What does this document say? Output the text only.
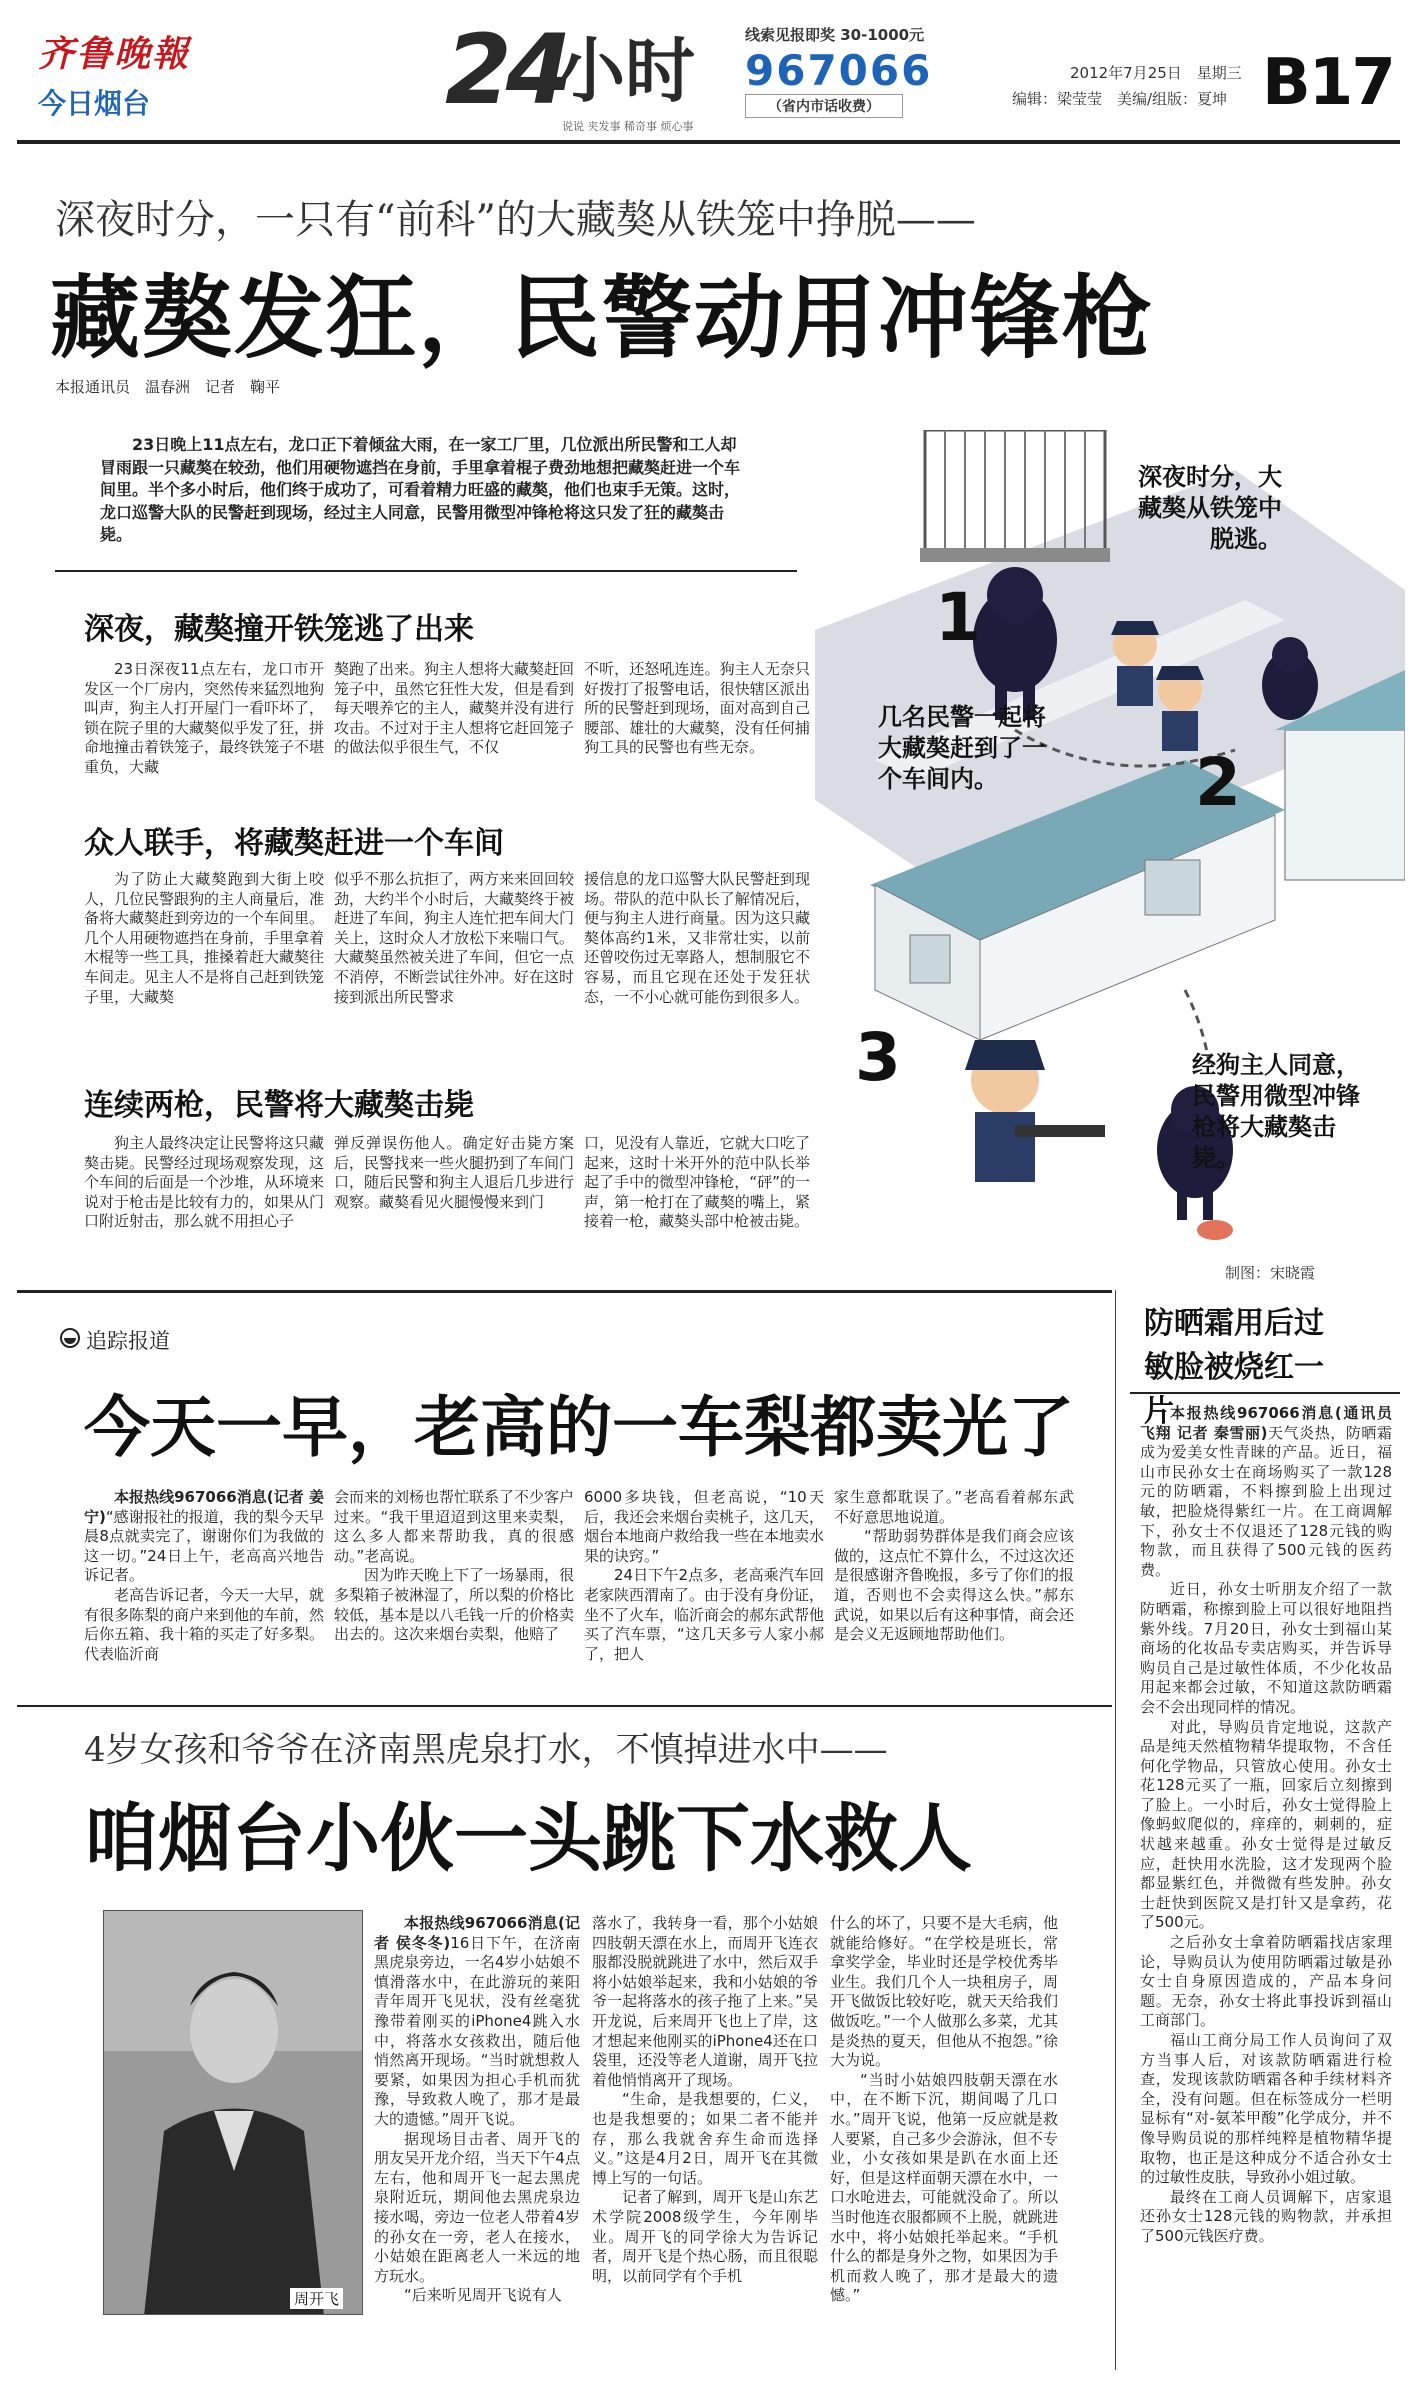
齐鲁晚報
今日烟台	24
小时
说说 夹发事 稀奇事 烦心事
线索见报即奖 30-1000元
967066
（省内市话收费）
2012年7月25日　星期三
编辑：梁莹莹　美编/组版：夏坤 B17
深夜时分，一只有“前科”的大藏獒从铁笼中挣脱——
藏獒发狂，民警动用冲锋枪
本报通讯员　温春洲　记者　鞠平
23日晚上11点左右，龙口正下着倾盆大雨，在一家工厂里，几位派出所民警和工人却冒雨跟一只藏獒在较劲，他们用硬物遮挡在身前，手里拿着棍子费劲地想把藏獒赶进一个车间里。半个多小时后，他们终于成功了，可看着精力旺盛的藏獒，他们也束手无策。这时，龙口巡警大队的民警赶到现场，经过主人同意，民警用微型冲锋枪将这只发了狂的藏獒击毙。
深夜，藏獒撞开铁笼逃了出来

23日深夜11点左右，龙口市开发区一个厂房内，突然传来猛烈地狗叫声，狗主人打开屋门一看吓坏了，锁在院子里的大藏獒似乎发了狂，拼命地撞击着铁笼子，最终铁笼子不堪重负，大藏

獒跑了出来。狗主人想将大藏獒赶回笼子中，虽然它狂性大发，但是看到每天喂养它的主人，藏獒并没有进行攻击。不过对于主人想将它赶回笼子的做法似乎很生气，不仅

不听，还怒吼连连。狗主人无奈只好拨打了报警电话，很快辖区派出所的民警赶到现场，面对高到自己腰部、雄壮的大藏獒，没有任何捕狗工具的民警也有些无奈。

众人联手，将藏獒赶进一个车间

为了防止大藏獒跑到大街上咬人，几位民警跟狗的主人商量后，准备将大藏獒赶到旁边的一个车间里。几个人用硬物遮挡在身前，手里拿着木棍等一些工具，推搡着赶大藏獒往车间走。见主人不是将自己赶到铁笼子里，大藏獒

似乎不那么抗拒了，两方来来回回较劲，大约半个小时后，大藏獒终于被赶进了车间，狗主人连忙把车间大门关上，这时众人才放松下来喘口气。大藏獒虽然被关进了车间，但它一点不消停，不断尝试往外冲。好在这时接到派出所民警求

援信息的龙口巡警大队民警赶到现场。带队的范中队长了解情况后，便与狗主人进行商量。因为这只藏獒体高约1米，又非常壮实，以前还曾咬伤过无辜路人，想制服它不容易，而且它现在还处于发狂状态，一不小心就可能伤到很多人。

连续两枪，民警将大藏獒击毙

狗主人最终决定让民警将这只藏獒击毙。民警经过现场观察发现，这个车间的后面是一个沙堆，从环境来说对于枪击是比较有力的，如果从门口附近射击，那么就不用担心子

弹反弹误伤他人。确定好击毙方案后，民警找来一些火腿扔到了车间门口，随后民警和狗主人退后几步进行观察。藏獒看见火腿慢慢来到门

口，见没有人靠近，它就大口吃了起来，这时十米开外的范中队长举起了手中的微型冲锋枪，“砰”的一声，第一枪打在了藏獒的嘴上，紧接着一枪，藏獒头部中枪被击毙。

1
2
3
制图：宋晓霞
深夜时分，大藏獒从铁笼中脱逃。
几名民警一起将大藏獒赶到了一个车间内。
经狗主人同意，民警用微型冲锋枪将大藏獒击毙。
追踪报道
今天一早，老高的一车梨都卖光了

本报热线967066消息(记者 姜宁)“感谢报社的报道，我的梨今天早晨8点就卖完了，谢谢你们为我做的这一切。”24日上午，老高高兴地告诉记者。

老高告诉记者，今天一大早，就有很多陈梨的商户来到他的车前，然后你五箱、我十箱的买走了好多梨。代表临沂商

会而来的刘杨也帮忙联系了不少客户过来。“我干里迢迢到这里来卖梨，这么多人都来帮助我，真的很感动。”老高说。

因为昨天晚上下了一场暴雨，很多梨箱子被淋湿了，所以梨的价格比较低，基本是以八毛钱一斤的价格卖出去的。这次来烟台卖梨，他赔了

6000多块钱，但老高说，“10天后，我还会来烟台卖桃子，这几天，烟台本地商户救给我一些在本地卖水果的诀窍。”

24日下午2点多，老高乘汽车回老家陕西渭南了。由于没有身份证，坐不了火车，临沂商会的郝东武帮他买了汽车票，“这几天多亏人家小郝了，把人

家生意都耽误了。”老高看着郝东武不好意思地说道。

“帮助弱势群体是我们商会应该做的，这点忙不算什么，不过这次还是很感谢齐鲁晚报，多亏了你们的报道，否则也不会卖得这么快。”郝东武说，如果以后有这种事情，商会还是会义无返顾地帮助他们。

4岁女孩和爷爷在济南黑虎泉打水，不慎掉进水中——
咱烟台小伙一头跳下水救人
周开飞

本报热线967066消息(记者 侯冬冬)16日下午，在济南黑虎泉旁边，一名4岁小姑娘不慎滑落水中，在此游玩的莱阳青年周开飞见状，没有丝毫犹豫带着刚买的iPhone4跳入水中，将落水女孩救出，随后他悄然离开现场。“当时就想救人要紧，如果因为担心手机而犹豫，导致救人晚了，那才是最大的遗憾。”周开飞说。

据现场目击者、周开飞的朋友吴开龙介绍，当天下午4点左右，他和周开飞一起去黑虎泉附近玩，期间他去黑虎泉边接水喝，旁边一位老人带着4岁的孙女在一旁，老人在接水，小姑娘在距离老人一米远的地方玩水。

“后来听见周开飞说有人

落水了，我转身一看，那个小姑娘四肢朝天漂在水上，而周开飞连衣服都没脱就跳进了水中，然后双手将小姑娘举起来，我和小姑娘的爷爷一起将落水的孩子拖了上来。”吴开龙说，后来周开飞也上了岸，这才想起来他刚买的iPhone4还在口袋里，还没等老人道谢，周开飞拉着他悄悄离开了现场。

“生命，是我想要的，仁义，也是我想要的；如果二者不能并存，那么我就舍弃生命而选择义。”这是4月2日，周开飞在其微博上写的一句话。

记者了解到，周开飞是山东艺术学院2008级学生，今年刚毕业。周开飞的同学徐大为告诉记者，周开飞是个热心肠，而且很聪明，以前同学有个手机

什么的坏了，只要不是大毛病，他就能给修好。“在学校是班长，常拿奖学金，毕业时还是学校优秀毕业生。我们几个人一块租房子，周开飞做饭比较好吃，就天天给我们做饭吃。”一个人做那么多菜，尤其是炎热的夏天，但他从不抱怨。”徐大为说。

“当时小姑娘四肢朝天漂在水中，在不断下沉，期间喝了几口水。”周开飞说，他第一反应就是救人要紧，自己多少会游泳，但不专业，小女孩如果是趴在水面上还好，但是这样面朝天漂在水中，一口水呛进去，可能就没命了。所以当时他连衣服都顾不上脱，就跳进水中，将小姑娘托举起来。“手机什么的都是身外之物，如果因为手机而救人晚了，那才是最大的遗憾。”

防晒霜用后过敏脸被烧红一片

本报热线967066消息(通讯员 飞翔 记者 秦雪丽)天气炎热，防晒霜成为爱美女性青睐的产品。近日，福山市民孙女士在商场购买了一款128元的防晒霜，不料擦到脸上出现过敏，把脸烧得紫红一片。在工商调解下，孙女士不仅退还了128元钱的购物款，而且获得了500元钱的医药费。

近日，孙女士听朋友介绍了一款防晒霜，称擦到脸上可以很好地阻挡紫外线。7月20日，孙女士到福山某商场的化妆品专卖店购买，并告诉导购员自己是过敏性体质，不少化妆品用起来都会过敏，不知道这款防晒霜会不会出现同样的情况。

对此，导购员肯定地说，这款产品是纯天然植物精华提取物，不含任何化学物品，只管放心使用。孙女士花128元买了一瓶，回家后立刻擦到了脸上。一小时后，孙女士觉得脸上像蚂蚁爬似的，痒痒的，刺刺的，症状越来越重。孙女士觉得是过敏反应，赶快用水洗脸，这才发现两个脸都显紫红色，并微微有些发肿。孙女士赶快到医院又是打针又是拿药，花了500元。

之后孙女士拿着防晒霜找店家理论，导购员认为使用防晒霜过敏是孙女士自身原因造成的，产品本身问题。无奈，孙女士将此事投诉到福山工商部门。

福山工商分局工作人员询问了双方当事人后，对该款防晒霜进行检查，发现该款防晒霜各种手续材料齐全，没有问题。但在标签成分一栏明显标有“对-氨苯甲酸”化学成分，并不像导购员说的那样纯粹是植物精华提取物，也正是这种成分不适合孙女士的过敏性皮肤，导致孙小姐过敏。

最终在工商人员调解下，店家退还孙女士128元钱的购物款，并承担了500元钱医疗费。
